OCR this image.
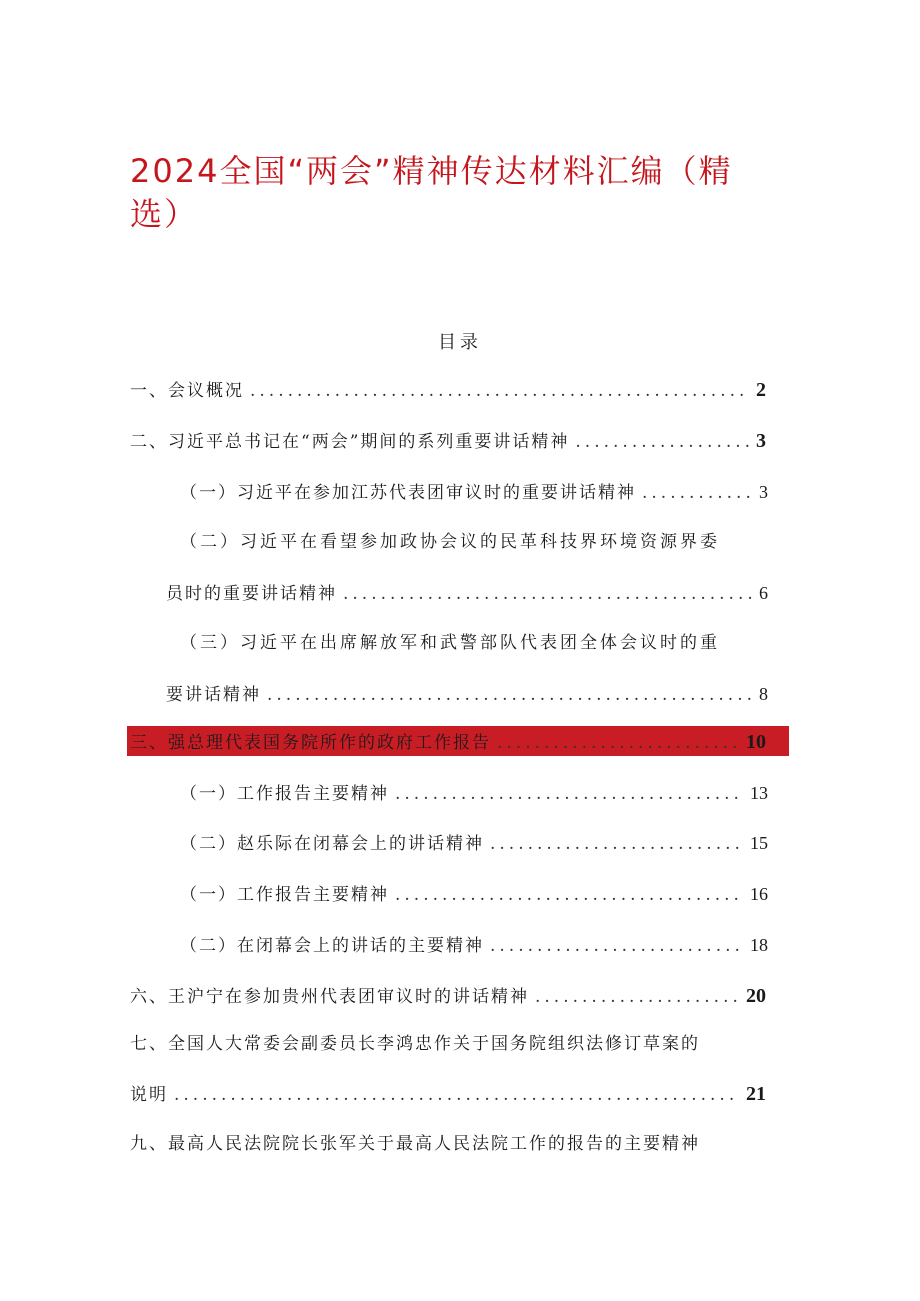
2024全国“两会”精神传达材料汇编（精选）
目录
一、会议概况 .....	2
二、习近平总书记在“两会”期间的系列重要讲话精神 .....	3
（一）习近平在参加江苏代表团审议时的重要讲话精神 .....	3
（二）习近平在看望参加政协会议的民革科技界环境资源界委
员时的重要讲话精神 .....	6
（三）习近平在出席解放军和武警部队代表团全体会议时的重
要讲话精神 .....	8
三、强总理代表国务院所作的政府工作报告 .....	10
（一）工作报告主要精神 .....	13
（二）赵乐际在闭幕会上的讲话精神 .....	15
（一）工作报告主要精神 .....	16
（二）在闭幕会上的讲话的主要精神 .....	18
六、王沪宁在参加贵州代表团审议时的讲话精神 .....	20
七、全国人大常委会副委员长李鸿忠作关于国务院组织法修订草案的
说明 .....	21
九、最高人民法院院长张军关于最高人民法院工作的报告的主要精神
